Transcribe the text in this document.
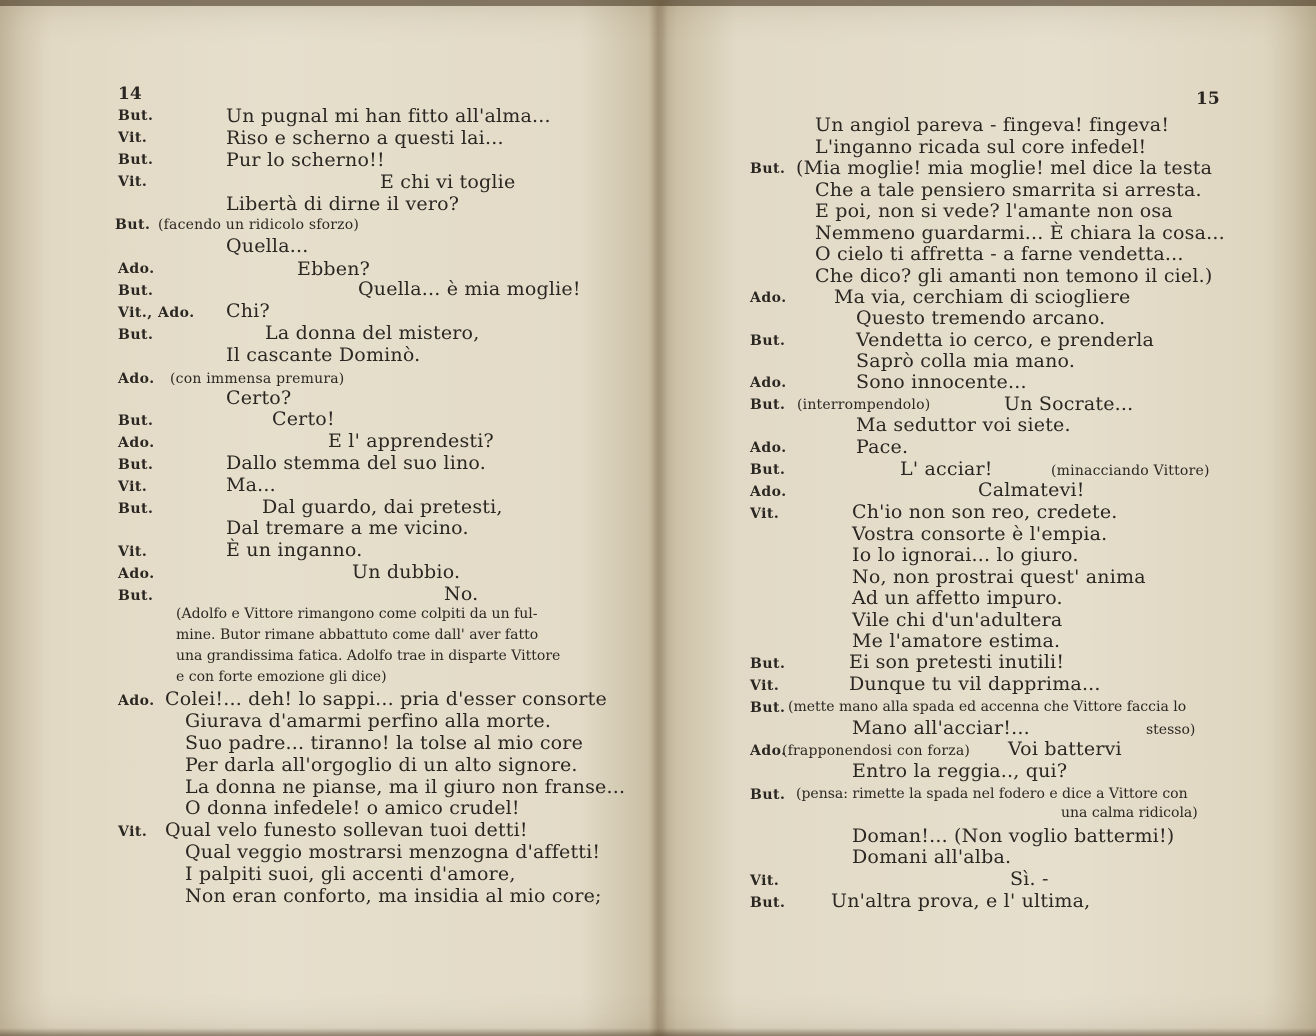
14
But.	Un pugnal mi han fitto all'alma...
Vit.	Riso e scherno a questi lai...
But.	Pur lo scherno!!
Vit.	E chi vi toglie
Libertà di dirne il vero?
But. (facendo un ridicolo sforzo)
Quella...
Ado.	Ebben?
But.	Quella... è mia moglie!
Vit., Ado. Chi?
But.	La donna del mistero,
Il cascante Dominò.
Ado. (con immensa premura)
Certo?
But.	Certo!
Ado.	E l' apprendesti?
But.	Dallo stemma del suo lino.
Vit.	Ma...
But.	Dal guardo, dai pretesti,
Dal tremare a me vicino.
Vit.	È un inganno.
Ado.	Un dubbio.
But.	No.
(Adolfo e Vittore rimangono come colpiti da un ful-
mine. Butor rimane abbattuto come dall' aver fatto
una grandissima fatica. Adolfo trae in disparte Vittore
e con forte emozione gli dice)
Ado. Colei!... deh! lo sappi... pria d'esser consorte
Giurava d'amarmi perfino alla morte.
Suo padre... tiranno! la tolse al mio core
Per darla all'orgoglio di un alto signore.
La donna ne pianse, ma il giuro non franse...
O donna infedele! o amico crudel!
Vit. Qual velo funesto sollevan tuoi detti!
Qual veggio mostrarsi menzogna d'affetti!
I palpiti suoi, gli accenti d'amore,
Non eran conforto, ma insidia al mio core;
15
Un angiol pareva - fingeva! fingeva!
L'inganno ricada sul core infedel!
But. (Mia moglie! mia moglie! mel dice la testa
Che a tale pensiero smarrita si arresta.
E poi, non si vede? l'amante non osa
Nemmeno guardarmi... È chiara la cosa...
O cielo ti affretta - a farne vendetta...
Che dico? gli amanti non temono il ciel.)
Ado. Ma via, cerchiam di sciogliere
Questo tremendo arcano.
But.	Vendetta io cerco, e prenderla
Saprò colla mia mano.
Ado.	Sono innocente...
But. (interrompendolo)	Un Socrate...
Ma seduttor voi siete.
Ado.	Pace.
But.	L' acciar!	(minacciando Vittore)
Ado.	Calmatevi!
Vit.	Ch'io non son reo, credete.
Vostra consorte è l'empia.
Io lo ignorai... lo giuro.
No, non prostrai quest' anima
Ad un affetto impuro.
Vile chi d'un'adultera
Me l'amatore estima.
But.	Ei son pretesti inutili!
Vit.	Dunque tu vil dapprima...
But. (mette mano alla spada ed accenna che Vittore faccia lo
Mano all'acciar!...	stesso)
Ado.
(frapponendosi con forza) Voi battervi
Entro la reggia.., qui?
But. (pensa: rimette la spada nel fodero e dice a Vittore con
una calma ridicola)
Doman!... (Non voglio battermi!)
Domani all'alba.
Vit.	Sì. -
But. Un'altra prova, e l' ultima,
